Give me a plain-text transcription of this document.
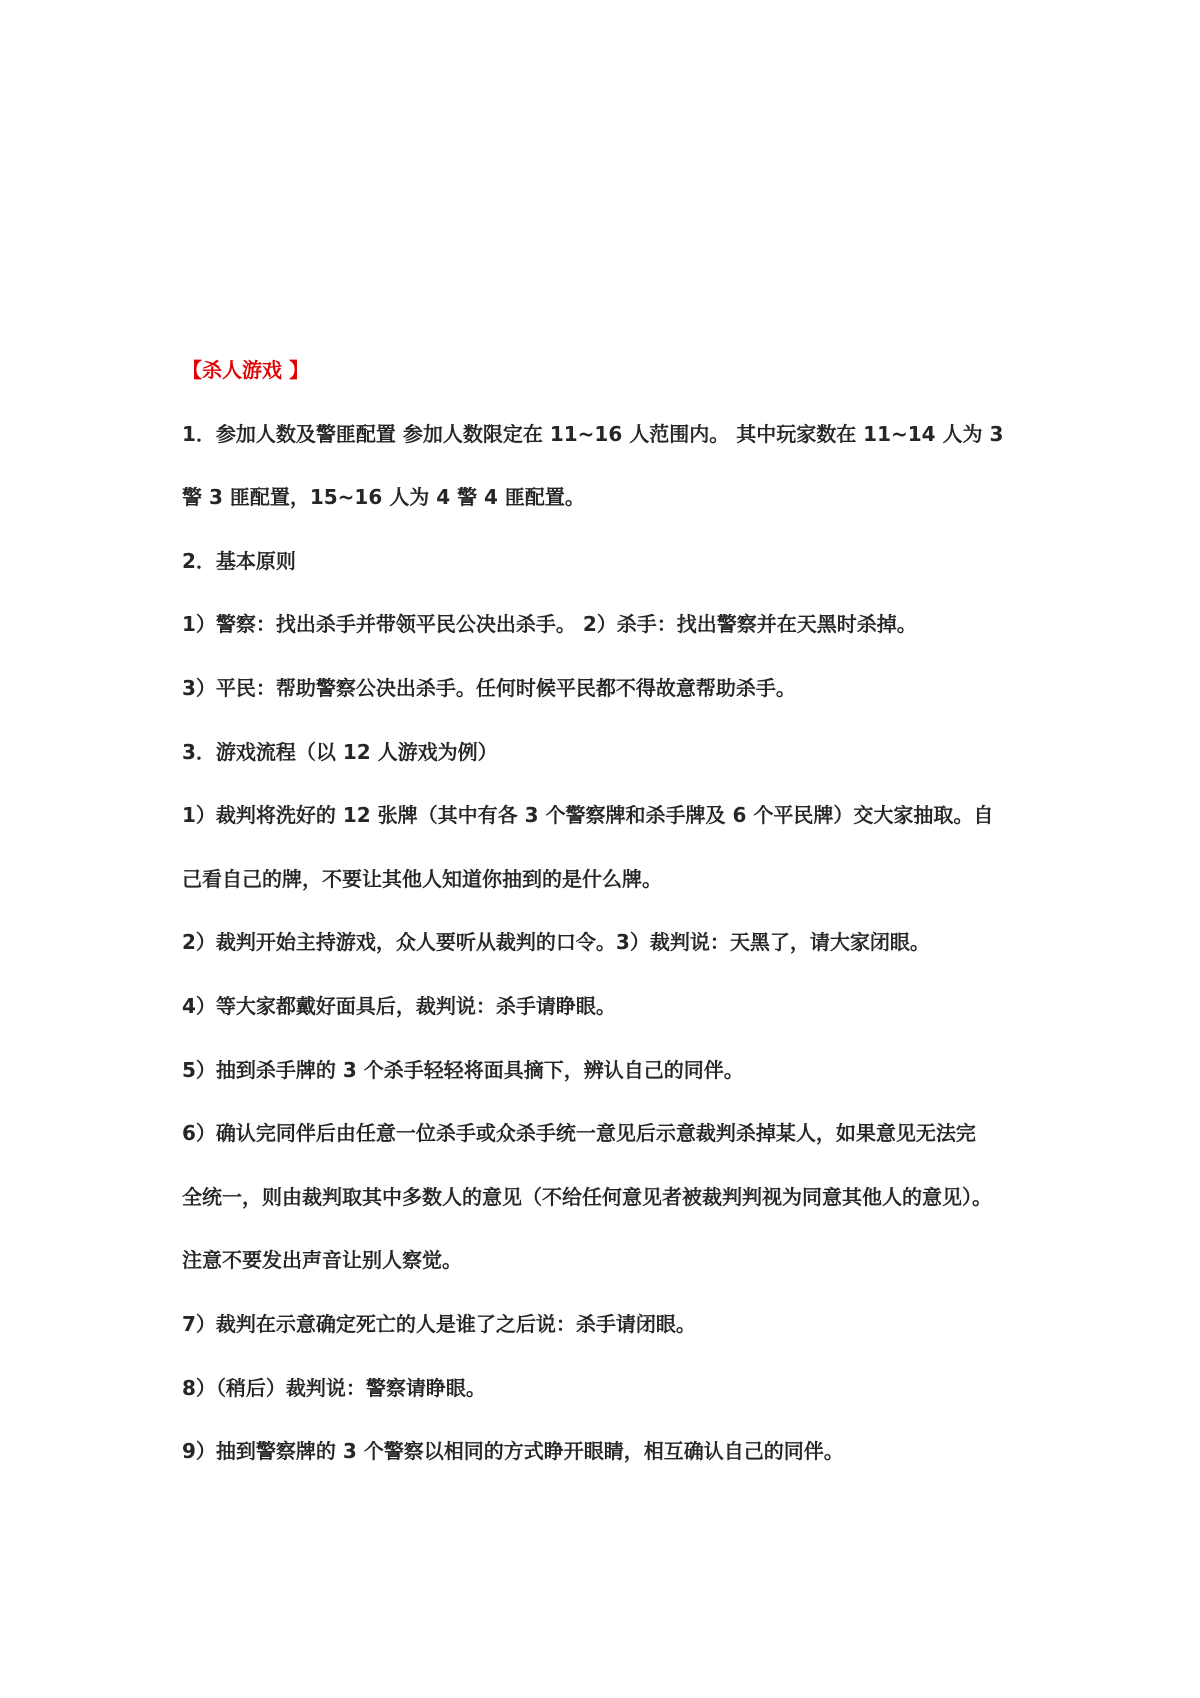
【杀人游戏 】
1．参加人数及警匪配置 参加人数限定在 11~16 人范围内。 其中玩家数在 11~14 人为 3
警 3 匪配置，15~16 人为 4 警 4 匪配置。
2．基本原则
1）警察：找出杀手并带领平民公决出杀手。 2）杀手：找出警察并在天黑时杀掉。
3）平民：帮助警察公决出杀手。任何时候平民都不得故意帮助杀手。
3．游戏流程（以 12 人游戏为例）
1）裁判将洗好的 12 张牌（其中有各 3 个警察牌和杀手牌及 6 个平民牌）交大家抽取。自
己看自己的牌，不要让其他人知道你抽到的是什么牌。
2）裁判开始主持游戏，众人要听从裁判的口令。3）裁判说：天黑了，请大家闭眼。
4）等大家都戴好面具后，裁判说：杀手请睁眼。
5）抽到杀手牌的 3 个杀手轻轻将面具摘下，辨认自己的同伴。
6）确认完同伴后由任意一位杀手或众杀手统一意见后示意裁判杀掉某人，如果意见无法完
全统一，则由裁判取其中多数人的意见（不给任何意见者被裁判判视为同意其他人的意见）。
注意不要发出声音让别人察觉。
7）裁判在示意确定死亡的人是谁了之后说：杀手请闭眼。
8）（稍后）裁判说：警察请睁眼。
9）抽到警察牌的 3 个警察以相同的方式睁开眼睛，相互确认自己的同伴。
